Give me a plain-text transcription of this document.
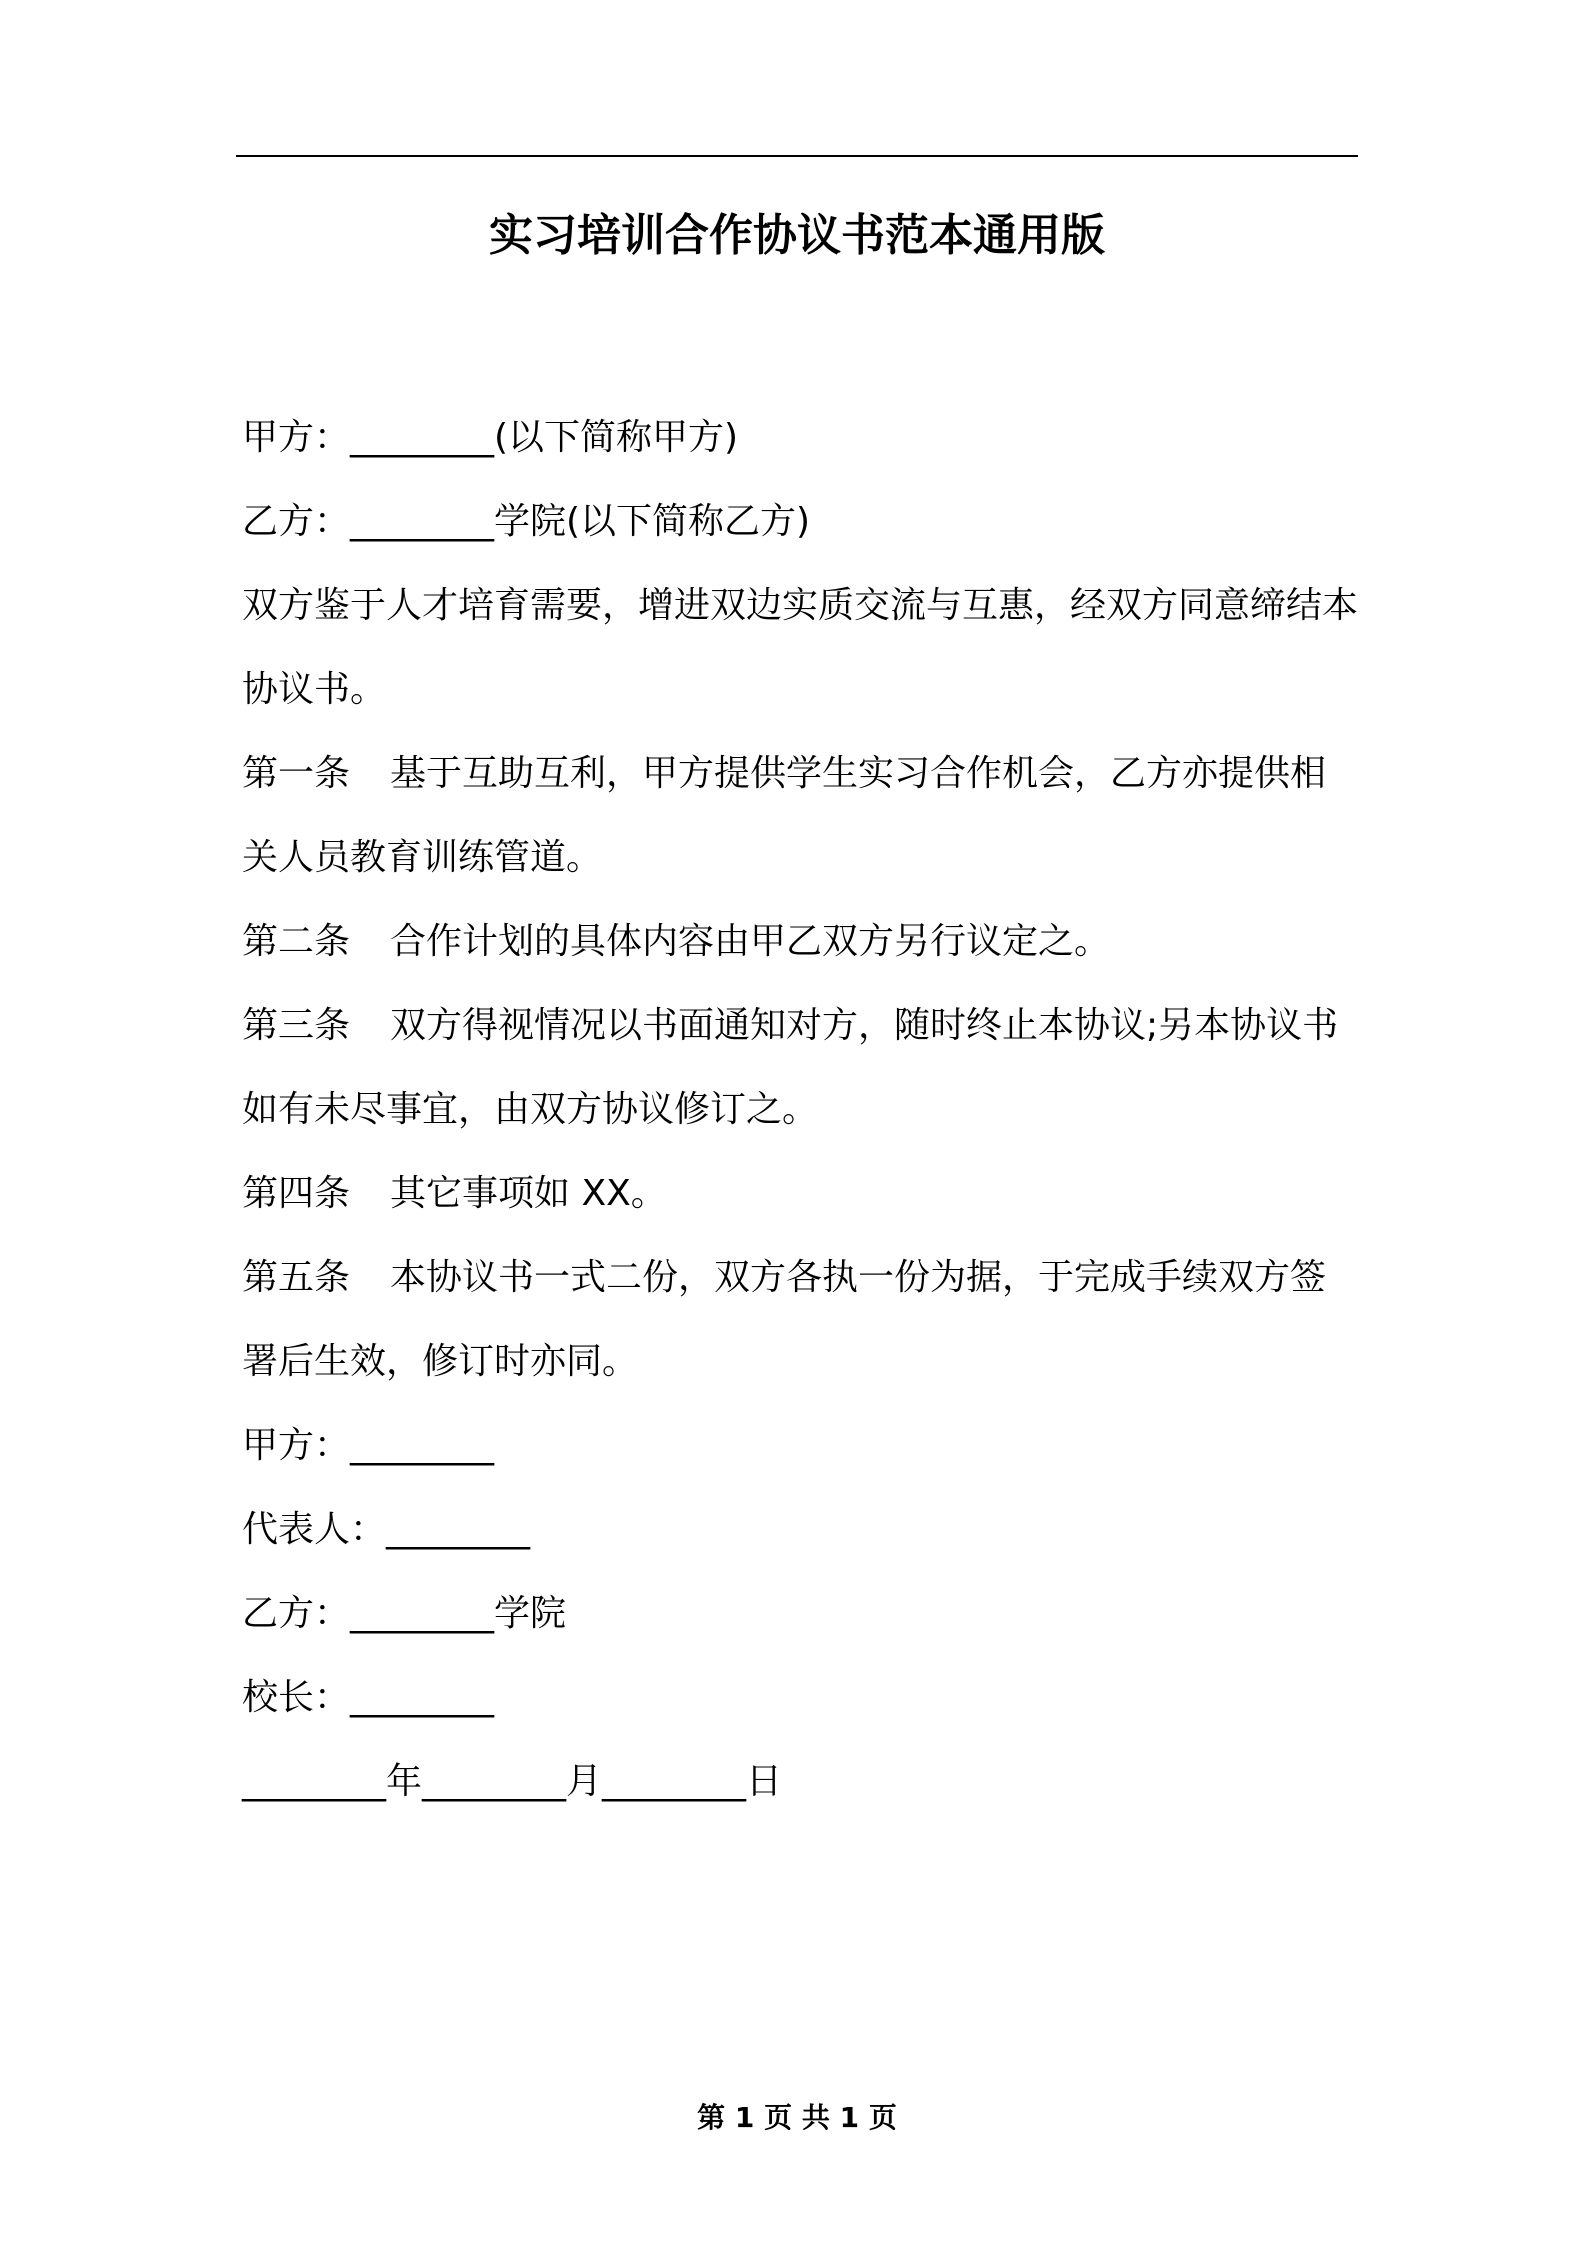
实习培训合作协议书范本通用版

甲方：________(以下简称甲方)

乙方：________学院(以下简称乙方)

双方鉴于人才培育需要，增进双边实质交流与互惠，经双方同意缔结本协议书。

第一条 基于互助互利，甲方提供学生实习合作机会，乙方亦提供相关人员教育训练管道。

第二条 合作计划的具体内容由甲乙双方另行议定之。

第三条 双方得视情况以书面通知对方，随时终止本协议;另本协议书如有未尽事宜，由双方协议修订之。

第四条 其它事项如 XX。

第五条 本协议书一式二份，双方各执一份为据，于完成手续双方签署后生效，修订时亦同。

甲方：________

代表人：________

乙方：________学院

校长：________

________年________月________日

第 1 页 共 1 页
